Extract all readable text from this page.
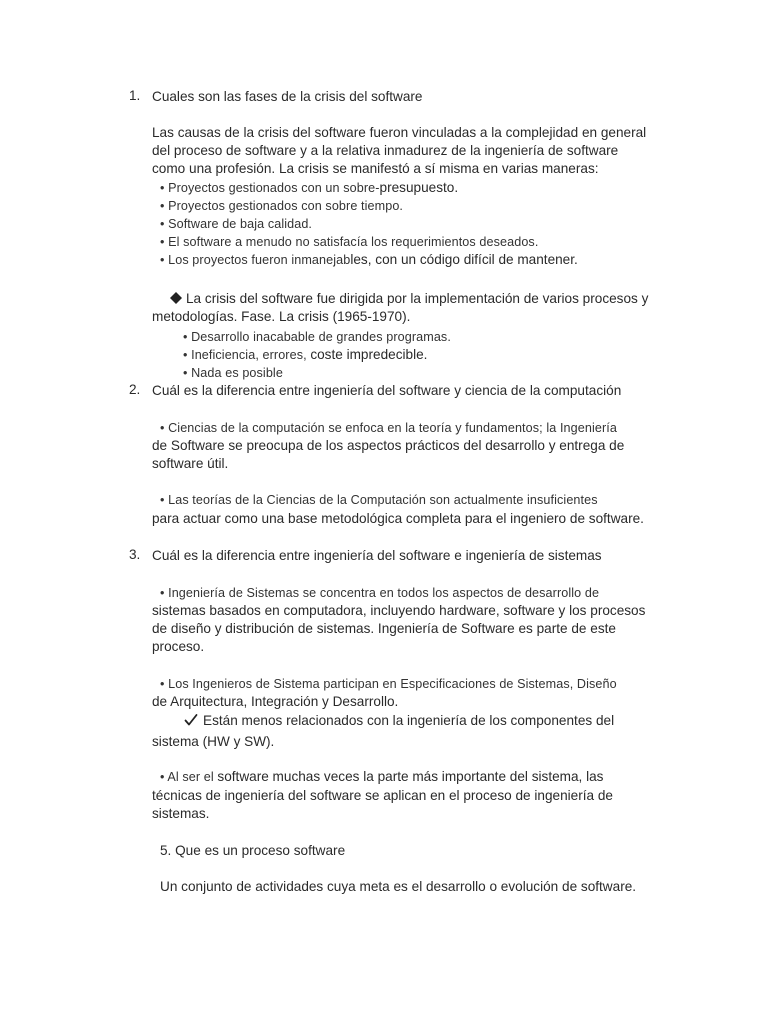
1. Cuales son las fases de la crisis del software
Las causas de la crisis del software fueron vinculadas a la complejidad en general
del proceso de software y a la relativa inmadurez de la ingeniería de software
como una profesión. La crisis se manifestó a sí misma en varias maneras:
• Proyectos gestionados con un sobre-presupuesto.
• Proyectos gestionados con sobre tiempo.
• Software de baja calidad.
• El software a menudo no satisfacía los requerimientos deseados.
• Los proyectos fueron inmanejables, con un código difícil de mantener.
La crisis del software fue dirigida por la implementación de varios procesos y
metodologías. Fase. La crisis (1965-1970).
• Desarrollo inacabable de grandes programas.
• Ineficiencia, errores, coste impredecible.
• Nada es posible
2. Cuál es la diferencia entre ingeniería del software y ciencia de la computación
• Ciencias de la computación se enfoca en la teoría y fundamentos; la Ingeniería
de Software se preocupa de los aspectos prácticos del desarrollo y entrega de
software útil.
• Las teorías de la Ciencias de la Computación son actualmente insuficientes
para actuar como una base metodológica completa para el ingeniero de software.
3. Cuál es la diferencia entre ingeniería del software e ingeniería de sistemas
• Ingeniería de Sistemas se concentra en todos los aspectos de desarrollo de
sistemas basados en computadora, incluyendo hardware, software y los procesos
de diseño y distribución de sistemas. Ingeniería de Software es parte de este
proceso.
• Los Ingenieros de Sistema participan en Especificaciones de Sistemas, Diseño
de Arquitectura, Integración y Desarrollo.
Están menos relacionados con la ingeniería de los componentes del
sistema (HW y SW).
• Al ser el software muchas veces la parte más importante del sistema, las
técnicas de ingeniería del software se aplican en el proceso de ingeniería de
sistemas.
5. Que es un proceso software
Un conjunto de actividades cuya meta es el desarrollo o evolución de software.
